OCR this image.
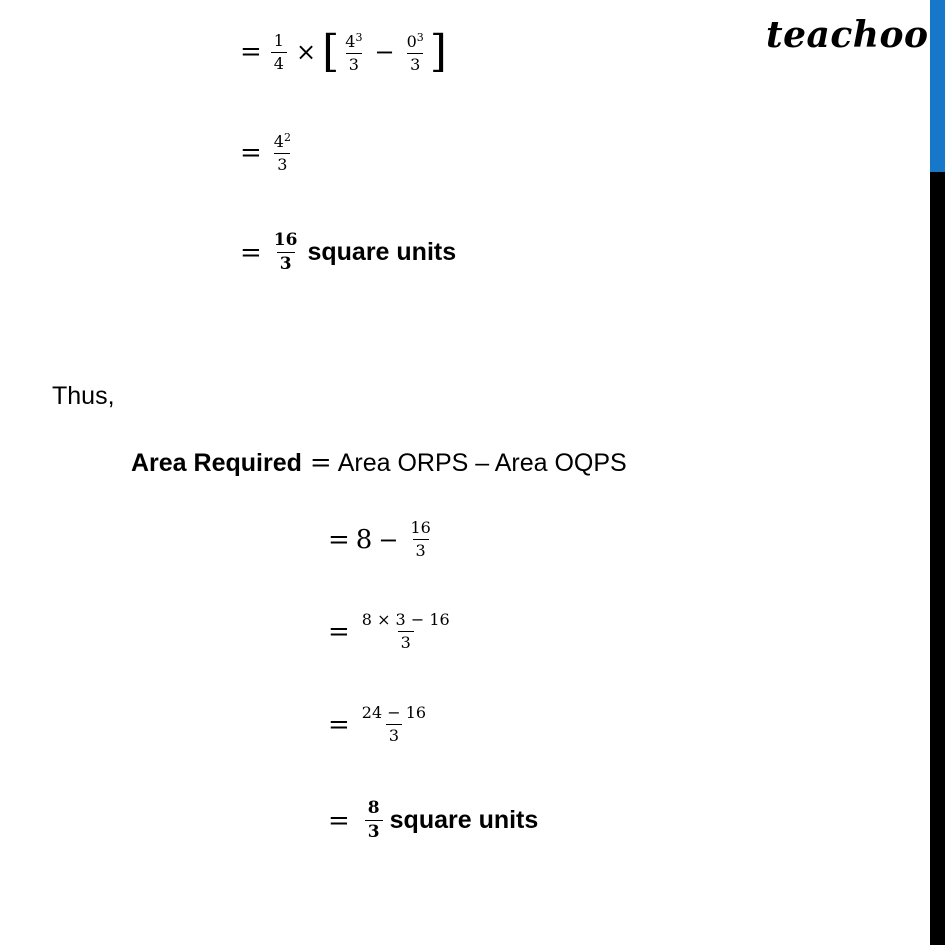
teachoo
= $\frac{1}{4}$ × [ $\frac{4^3}{3} - \frac{0^3}{3}$ ]
= $\frac{4^2}{3}$
= $\frac{16}{3}$ square units
Thus,
Area Required = Area ORPS – Area OQPS
= $8 - \frac{16}{3}$
= $\frac{8 \times 3 - 16}{3}$
= $\frac{24 - 16}{3}$
= $\frac{8}{3}$ square units
